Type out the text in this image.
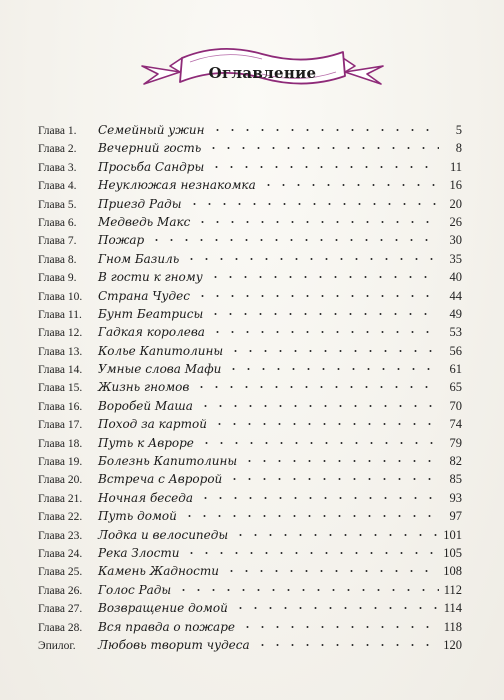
Оглавление
Глава 1.	Семейный ужин	5
Глава 2.	Вечерний гость	8
Глава 3.	Просьба Сандры	11
Глава 4.	Неуклюжая незнакомка	16
Глава 5.	Приезд Рады	20
Глава 6.	Медведь Макс	26
Глава 7.	Пожар	30
Глава 8.	Гном Базиль	35
Глава 9.	В гости к гному	40
Глава 10.	Страна Чудес	44
Глава 11.	Бунт Беатрисы	49
Глава 12.	Гадкая королева	53
Глава 13.	Колье Капитолины	56
Глава 14.	Умные слова Мафи	61
Глава 15.	Жизнь гномов	65
Глава 16.	Воробей Маша	70
Глава 17.	Поход за картой	74
Глава 18.	Путь к Авроре	79
Глава 19.	Болезнь Капитолины	82
Глава 20.	Встреча с Авророй	85
Глава 21.	Ночная беседа	93
Глава 22.	Путь домой	97
Глава 23.	Лодка и велосипеды	101
Глава 24.	Река Злости	105
Глава 25.	Камень Жадности	108
Глава 26.	Голос Рады	112
Глава 27.	Возвращение домой	114
Глава 28.	Вся правда о пожаре	118
Эпилог.	Любовь творит чудеса	120
